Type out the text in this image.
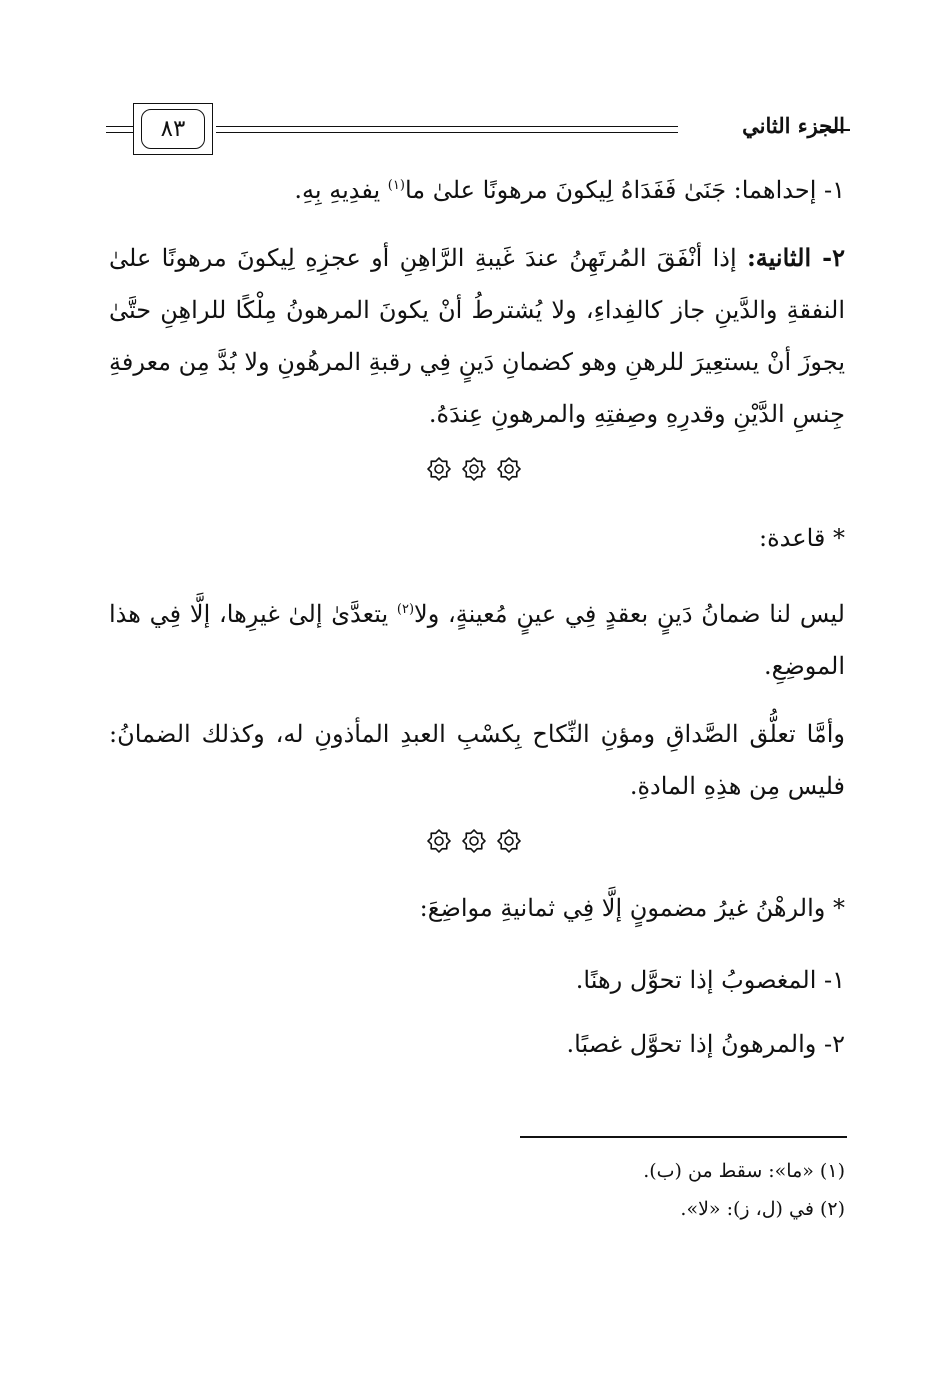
الجزء الثاني
٨٣
١- إحداهما: جَنَىٰ فَفَدَاهُ لِيكونَ مرهونًا علىٰ ما$^{(١)}$ يفدِيهِ بِهِ.

٢- الثانية: إذا أنْفَقَ المُرتَهِنُ عندَ غَيبةِ الرَّاهِنِ أو عجزِهِ لِيكونَ مرهونًا علىٰ النفقةِ والدَّينِ جاز كالفِداءِ، ولا يُشترطُ أنْ يكونَ المرهونُ مِلْكًا للراهِنِ حتَّىٰ يجوزَ أنْ يستعِيرَ للرهنِ وهو كضمانِ دَينٍ فِي رقبةِ المرهُونِ ولا بُدَّ مِن معرفةِ جِنسِ الدَّيْنِ وقدرِهِ وصِفتِهِ والمرهونِ عِندَهُ.

* قاعدة:

ليس لنا ضمانُ دَينٍ بعقدٍ فِي عينٍ مُعينةٍ، ولا$^{(٢)}$ يتعدَّىٰ إلىٰ غيرِها، إلَّا فِي هذا الموضِعِ.

وأمَّا تعلُّق الصَّداقِ ومؤنِ النِّكاح بِكسْبِ العبدِ المأذونِ له، وكذلك الضمانُ: فليس مِن هذِهِ المادةِ.

* والرهْنُ غيرُ مضمونٍ إلَّا فِي ثمانيةِ مواضِعَ:
١- المغصوبُ إذا تحوَّل رهنًا.
٢- والمرهونُ إذا تحوَّل غصبًا.
(١) «ما»: سقط من (ب).
(٢) في (ل، ز): «لا».
